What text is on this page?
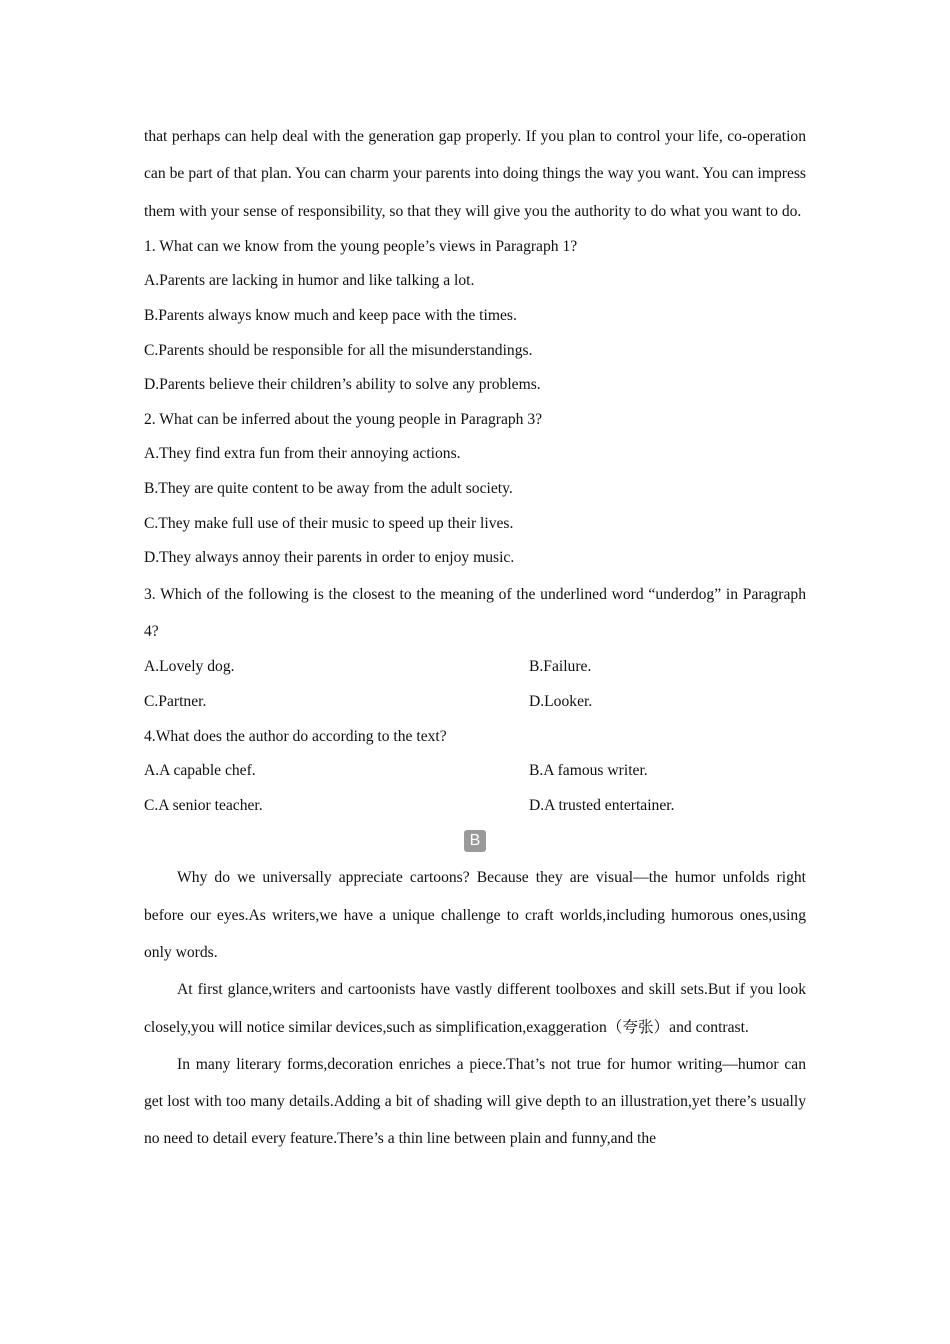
that perhaps can help deal with the generation gap properly. If you plan to control your life, co-operation can be part of that plan. You can charm your parents into doing things the way you want. You can impress them with your sense of responsibility, so that they will give you the authority to do what you want to do.

1. What can we know from the young people’s views in Paragraph 1?

A.Parents are lacking in humor and like talking a lot.

B.Parents always know much and keep pace with the times.

C.Parents should be responsible for all the misunderstandings.

D.Parents believe their children’s ability to solve any problems.

2. What can be inferred about the young people in Paragraph 3?

A.They find extra fun from their annoying actions.

B.They are quite content to be away from the adult society.

C.They make full use of their music to speed up their lives.

D.They always annoy their parents in order to enjoy music.

3. Which of the following is the closest to the meaning of the underlined word “underdog” in Paragraph 4?

A.Lovely dog.	B.Failure.
C.Partner.	D.Looker.

4.What does the author do according to the text?

A.A capable chef.	B.A famous writer.
C.A senior teacher.	D.A trusted entertainer.
B

Why do we universally appreciate cartoons? Because they are visual—the humor unfolds right before our eyes.As writers,we have a unique challenge to craft worlds,including humorous ones,using only words.

At first glance,writers and cartoonists have vastly different toolboxes and skill sets.But if you look closely,you will notice similar devices,such as simplification,exaggeration（夸张）and contrast.

In many literary forms,decoration enriches a piece.That’s not true for humor writing—humor can get lost with too many details.Adding a bit of shading will give depth to an illustration,yet there’s usually no need to detail every feature.There’s a thin line between plain and funny,and the
